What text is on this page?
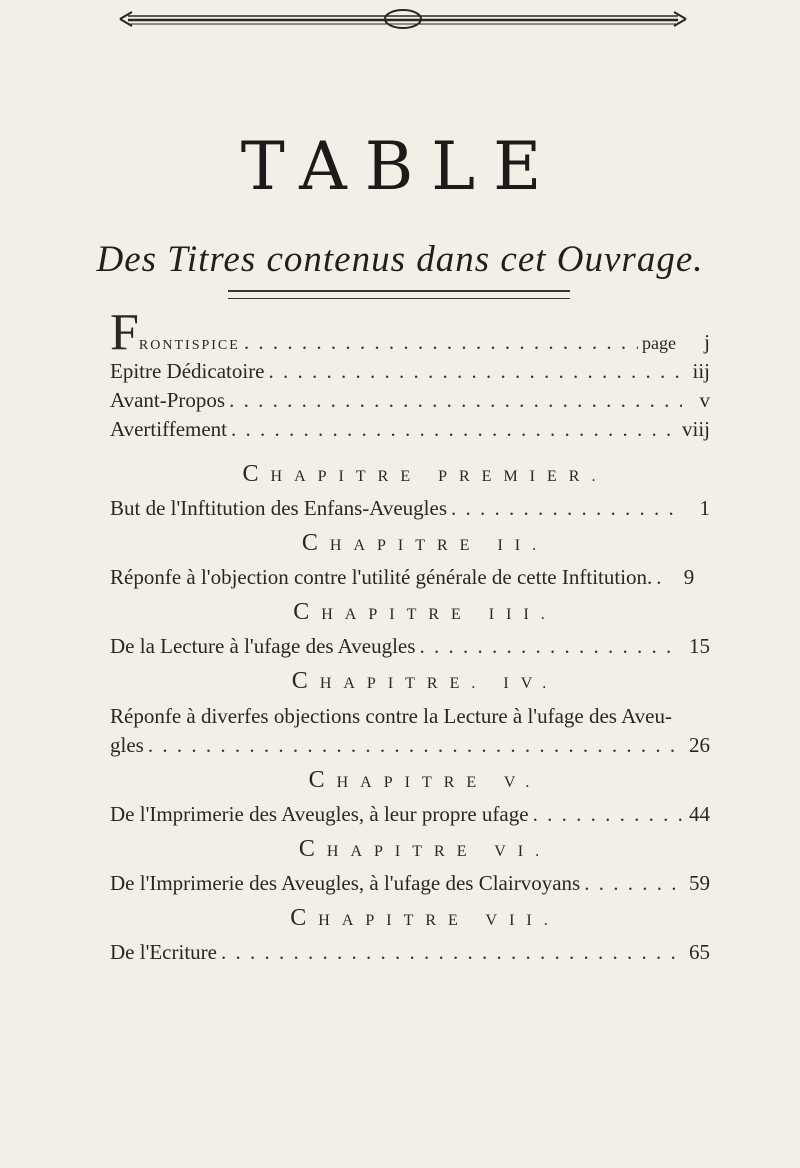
TABLE
Des Titres contenus dans cet Ouvrage.
FRONTISPICE . . .	page	j
Epitre Dédicatoire . . .	iij
Avant-Propos . . .	v
Avertiffement . . .	viij
CHAPITRE PREMIER.
But de l'Inftitution des Enfans-Aveugles . . .	1
CHAPITRE II.
Réponfe à l'objection contre l'utilité générale de cette Inftitution. . . .	9
CHAPITRE III.
De la Lecture à l'ufage des Aveugles . . .	15
CHAPITRE. IV.
Réponfe à diverfes objections contre la Lecture à l'ufage des Aveu-
gles . . .	26
CHAPITRE V.
De l'Imprimerie des Aveugles, à leur propre ufage . . .	44
CHAPITRE VI.
De l'Imprimerie des Aveugles, à l'ufage des Clairvoyans . . .	59
CHAPITRE VII.
De l'Ecriture . . .	65
